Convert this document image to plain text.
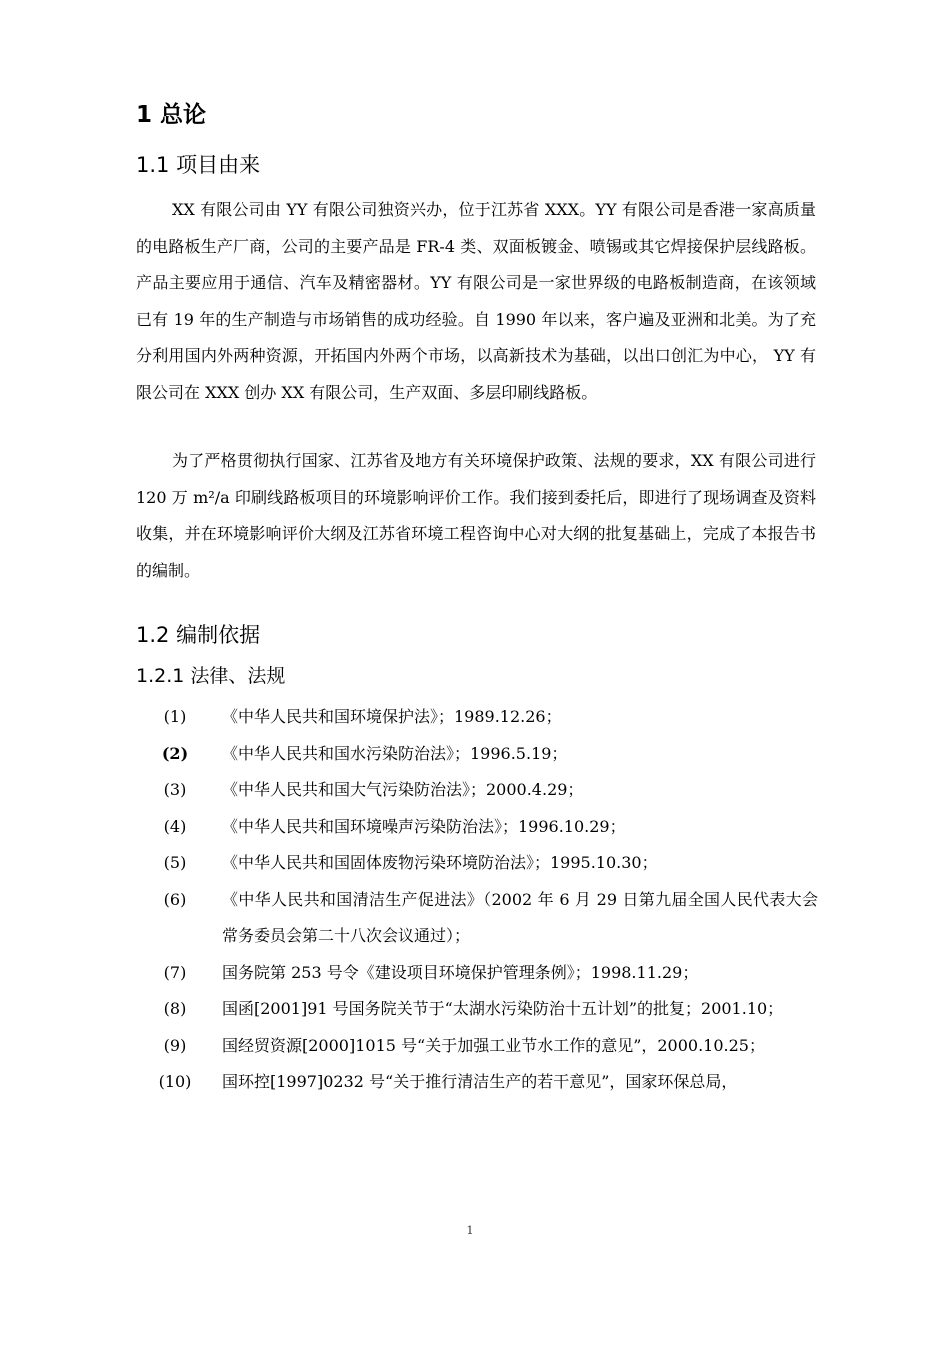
1 总论
1.1 项目由来

XX 有限公司由 YY 有限公司独资兴办，位于江苏省 XXX。YY 有限公司是香港一家高质量的电路板生产厂商，公司的主要产品是 FR-4 类、双面板镀金、喷锡或其它焊接保护层线路板。产品主要应用于通信、汽车及精密器材。YY 有限公司是一家世界级的电路板制造商，在该领域已有 19 年的生产制造与市场销售的成功经验。自 1990 年以来，客户遍及亚洲和北美。为了充分利用国内外两种资源，开拓国内外两个市场，以高新技术为基础，以出口创汇为中心， YY 有限公司在 XXX 创办 XX 有限公司，生产双面、多层印刷线路板。

为了严格贯彻执行国家、江苏省及地方有关环境保护政策、法规的要求，XX 有限公司进行 120 万 m²/a 印刷线路板项目的环境影响评价工作。我们接到委托后，即进行了现场调查及资料收集，并在环境影响评价大纲及江苏省环境工程咨询中心对大纲的批复基础上，完成了本报告书的编制。

1.2 编制依据
1.2.1 法律、法规
(1)	《中华人民共和国环境保护法》；1989.12.26；
(2)	《中华人民共和国水污染防治法》；1996.5.19；
(3)	《中华人民共和国大气污染防治法》；2000.4.29；
(4)	《中华人民共和国环境噪声污染防治法》；1996.10.29；
(5)	《中华人民共和国固体废物污染环境防治法》；1995.10.30；
(6)	《中华人民共和国清洁生产促进法》（2002 年 6 月 29 日第九届全国人民代表大会常务委员会第二十八次会议通过）；
(7)	国务院第 253 号令《建设项目环境保护管理条例》；1998.11.29；
(8)	国函[2001]91 号国务院关节于“太湖水污染防治十五计划”的批复；2001.10；
(9)	国经贸资源[2000]1015 号“关于加强工业节水工作的意见”，2000.10.25；
(10)	国环控[1997]0232 号“关于推行清洁生产的若干意见”，国家环保总局，
1
